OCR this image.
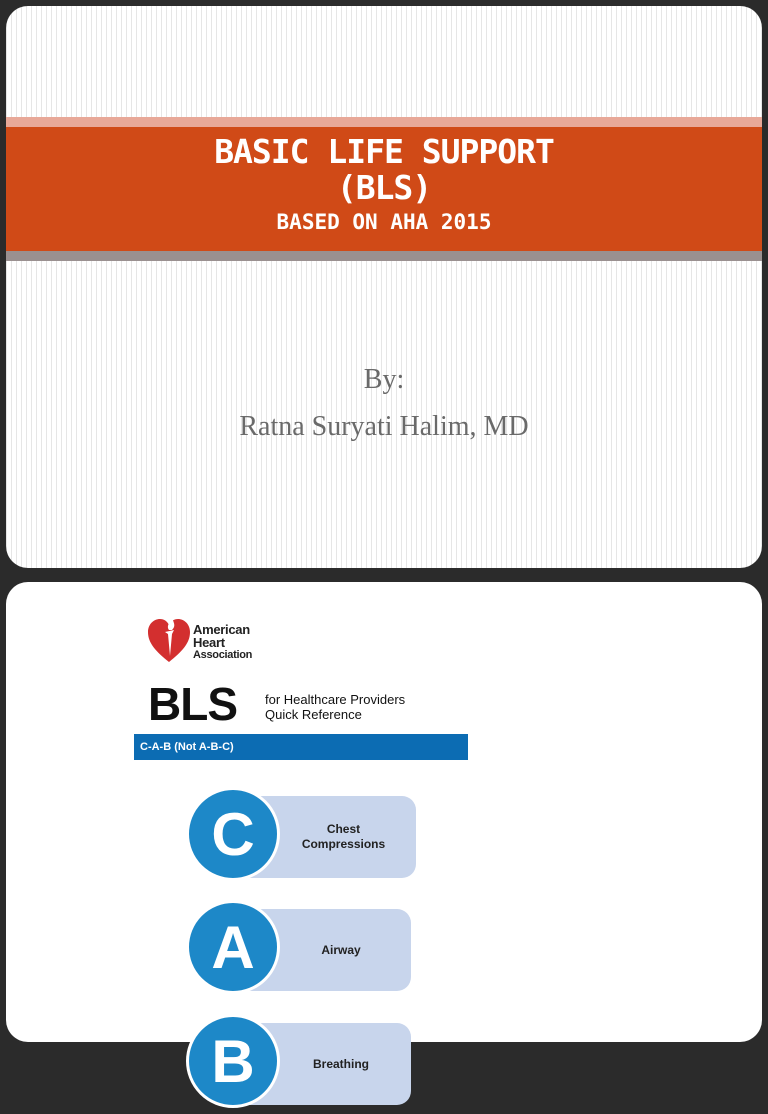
BASIC LIFE SUPPORT
(BLS)
BASED ON AHA 2015
By:
Ratna Suryati Halim, MD
American
Heart
Association
BLS for Healthcare Providers
Quick Reference
C-A-B (Not A-B-C)
Chest
Compressions
C
Airway
A
Breathing
B
